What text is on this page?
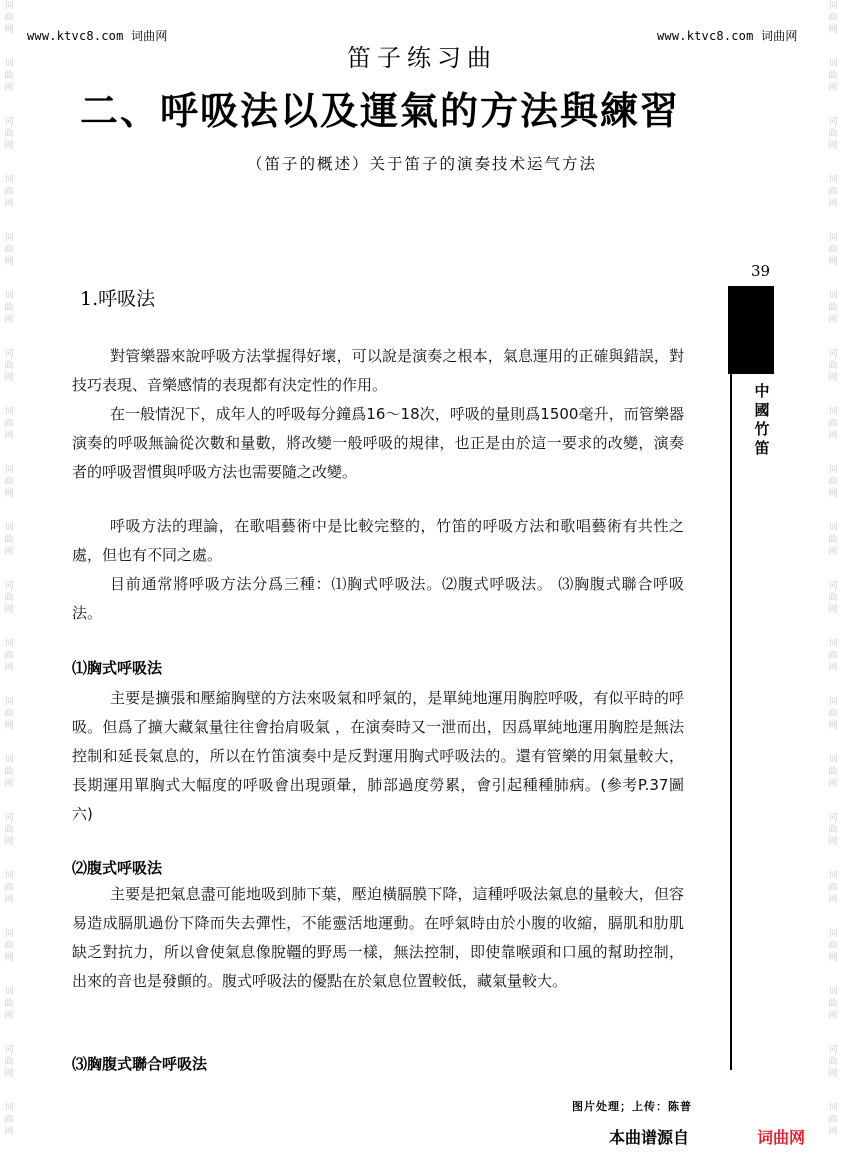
词
曲
网
词
曲
网
词
曲
网
词
曲
网
词
曲
网
词
曲
网
词
曲
网
词
曲
网
词
曲
网
词
曲
网
词
曲
网
词
曲
网
词
曲
网
词
曲
网
词
曲
网
词
曲
网
词
曲
网
词
曲
网
词
曲
网
词
曲
网
词
曲
网
词
曲
网
词
曲
网
词
曲
网
词
曲
网
词
曲
网
词
曲
网
词
曲
网
词
曲
网
词
曲
网
词
曲
网
词
曲
网
词
曲
网
词
曲
网
词
曲
网
词
曲
网
词
曲
网
词
曲
网
词
曲
网
词
曲
网
www.ktvc8.com 词曲网	www.ktvc8.com 词曲网
笛子练习曲
二、呼吸法以及運氣的方法與練習
（笛子的概述）关于笛子的演奏技术运气方法
39
中國竹笛
1.呼吸法

對管樂器來說呼吸方法掌握得好壞，可以說是演奏之根本，氣息運用的正確與錯誤，對技巧表現、音樂感情的表現都有決定性的作用。

在一般情況下，成年人的呼吸每分鐘爲16～18次，呼吸的量則爲1500毫升，而管樂器演奏的呼吸無論從次數和量數，將改變一般呼吸的規律，也正是由於這一要求的改變，演奏者的呼吸習慣與呼吸方法也需要隨之改變。

呼吸方法的理論，在歌唱藝術中是比較完整的，竹笛的呼吸方法和歌唱藝術有共性之處，但也有不同之處。

目前通常將呼吸方法分爲三種：⑴胸式呼吸法。⑵腹式呼吸法。 ⑶胸腹式聯合呼吸法。

⑴胸式呼吸法

主要是擴張和壓縮胸壁的方法來吸氣和呼氣的，是單純地運用胸腔呼吸，有似平時的呼吸。但爲了擴大藏氣量往往會抬肩吸氣 ，在演奏時又一泄而出，因爲單純地運用胸腔是無法控制和延長氣息的，所以在竹笛演奏中是反對運用胸式呼吸法的。還有管樂的用氣量較大，長期運用單胸式大幅度的呼吸會出現頭暈，肺部過度勞累，會引起種種肺病。(參考P.37圖六)

⑵腹式呼吸法

主要是把氣息盡可能地吸到肺下葉，壓迫橫膈膜下降，這種呼吸法氣息的量較大，但容易造成膈肌過份下降而失去彈性，不能靈活地運動。在呼氣時由於小腹的收縮，膈肌和肋肌缺乏對抗力，所以會使氣息像脫韁的野馬一樣，無法控制，即使靠喉頭和口風的幫助控制，出來的音也是發顫的。腹式呼吸法的優點在於氣息位置較低，藏氣量較大。

⑶胸腹式聯合呼吸法
图片处理；上传：陈普
本曲谱源自	词曲网
